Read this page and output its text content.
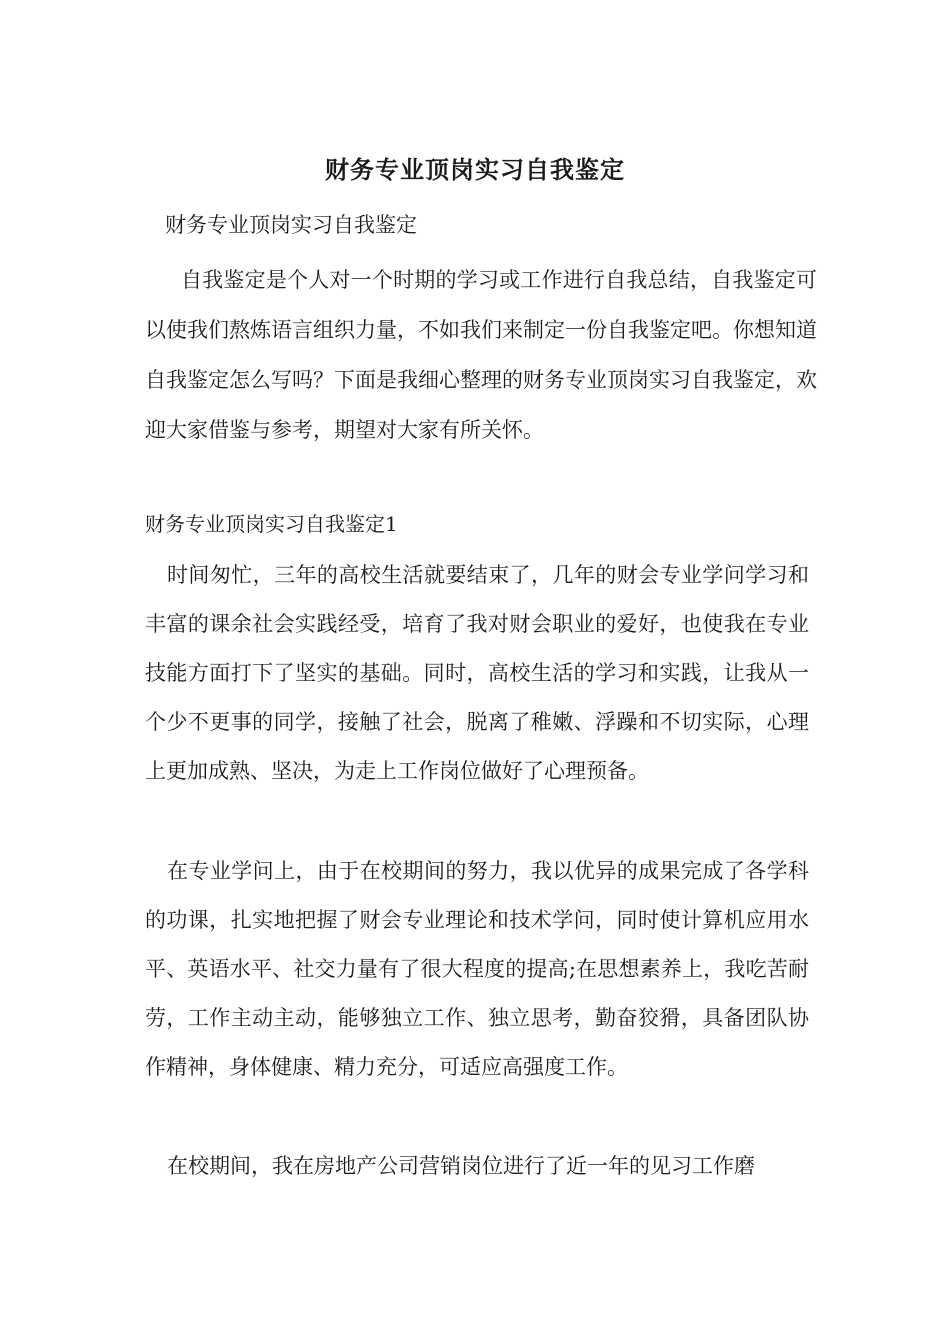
财务专业顶岗实习自我鉴定

财务专业顶岗实习自我鉴定

自我鉴定是个人对一个时期的学习或工作进行自我总结，自我鉴定可以使我们熬炼语言组织力量，不如我们来制定一份自我鉴定吧。你想知道自我鉴定怎么写吗？下面是我细心整理的财务专业顶岗实习自我鉴定，欢迎大家借鉴与参考，期望对大家有所关怀。

财务专业顶岗实习自我鉴定1

时间匆忙，三年的高校生活就要结束了，几年的财会专业学问学习和丰富的课余社会实践经受，培育了我对财会职业的爱好，也使我在专业技能方面打下了坚实的基础。同时，高校生活的学习和实践，让我从一个少不更事的同学，接触了社会，脱离了稚嫩、浮躁和不切实际，心理上更加成熟、坚决，为走上工作岗位做好了心理预备。

在专业学问上，由于在校期间的努力，我以优异的成果完成了各学科的功课，扎实地把握了财会专业理论和技术学问，同时使计算机应用水平、英语水平、社交力量有了很大程度的提高;在思想素养上，我吃苦耐劳，工作主动主动，能够独立工作、独立思考，勤奋狡猾，具备团队协作精神，身体健康、精力充分，可适应高强度工作。

在校期间，我在房地产公司营销岗位进行了近一年的见习工作磨
